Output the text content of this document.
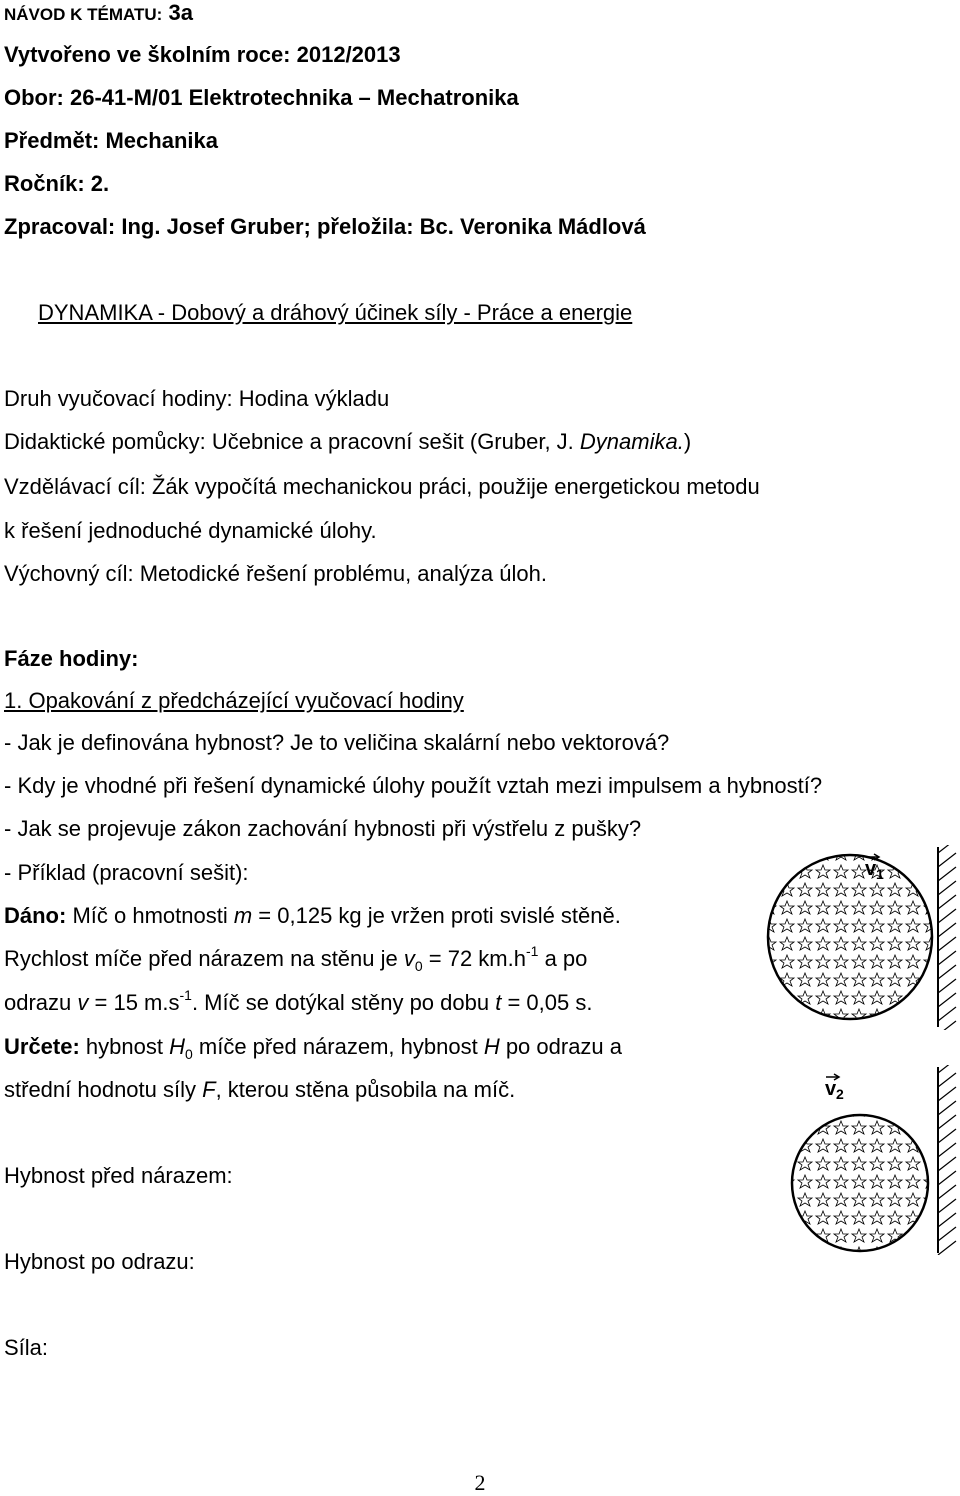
NÁVOD K TÉMATU: 3a
Vytvořeno ve školním roce: 2012/2013
Obor: 26-41-M/01 Elektrotechnika – Mechatronika
Předmět: Mechanika
Ročník: 2.
Zpracoval: Ing. Josef Gruber; přeložila: Bc. Veronika Mádlová
DYNAMIKA - Dobový a dráhový účinek síly - Práce a energie
Druh vyučovací hodiny: Hodina výkladu
Didaktické pomůcky: Učebnice a pracovní sešit (Gruber, J. Dynamika.)
Vzdělávací cíl: Žák vypočítá mechanickou práci, použije energetickou metodu
k řešení jednoduché dynamické úlohy.
Výchovný cíl: Metodické řešení problému, analýza úloh.
Fáze hodiny:
1. Opakování z předcházející vyučovací hodiny
- Jak je definována hybnost? Je to veličina skalární nebo vektorová?
- Kdy je vhodné při řešení dynamické úlohy použít vztah mezi impulsem a hybností?
- Jak se projevuje zákon zachování hybnosti při výstřelu z pušky?
- Příklad (pracovní sešit):
Dáno: Míč o hmotnosti m = 0,125 kg je vržen proti svislé stěně.
Rychlost míče před nárazem na stěnu je $v_0 = 72$ $km.h^{-1}$ a po
odrazu v = 15 $m.s^{-1}$. Míč se dotýkal stěny po dobu t = 0,05 s.
Určete: hybnost $H_0$ míče před nárazem, hybnost H po odrazu a
střední hodnotu síly F, kterou stěna působila na míč.
v 1
v 2
Hybnost před nárazem:
Hybnost po odrazu:
Síla:
2
